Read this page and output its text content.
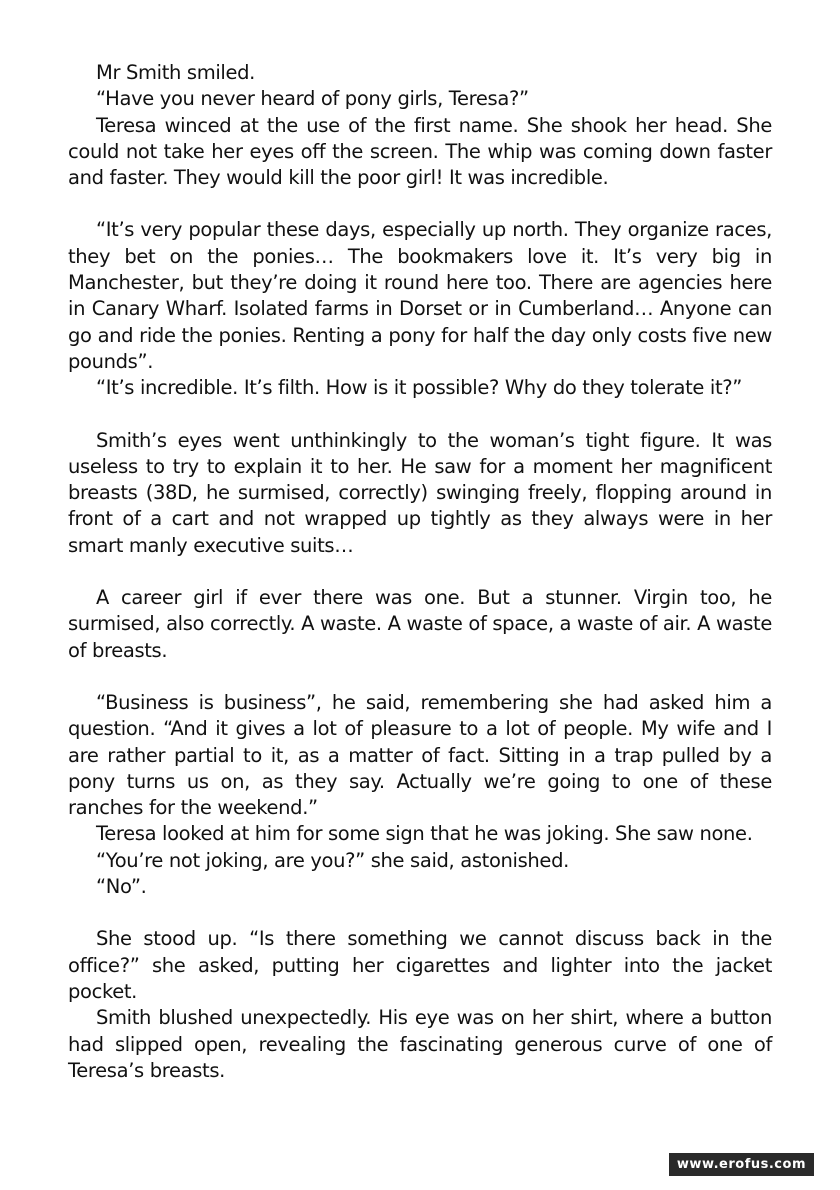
Mr Smith smiled.

“Have you never heard of pony girls, Teresa?”

Teresa winced at the use of the first name. She shook her head. She could not take her eyes off the screen. The whip was coming down faster and faster. They would kill the poor girl! It was incredible.

“It’s very popular these days, especially up north. They organize races, they bet on the ponies… The bookmakers love it. It’s very big in Manchester, but they’re doing it round here too. There are agencies here in Canary Wharf. Isolated farms in Dorset or in Cumberland… Anyone can go and ride the ponies. Renting a pony for half the day only costs five new pounds”.

“It’s incredible. It’s filth. How is it possible? Why do they tolerate it?”

Smith’s eyes went unthinkingly to the woman’s tight figure. It was useless to try to explain it to her. He saw for a moment her magnificent breasts (38D, he surmised, correctly) swinging freely, flopping around in front of a cart and not wrapped up tightly as they always were in her smart manly executive suits…

A career girl if ever there was one. But a stunner. Virgin too, he surmised, also correctly. A waste. A waste of space, a waste of air. A waste of breasts.

“Business is business”, he said, remembering she had asked him a question. “And it gives a lot of pleasure to a lot of people. My wife and I are rather partial to it, as a matter of fact. Sitting in a trap pulled by a pony turns us on, as they say. Actually we’re going to one of these ranches for the weekend.”

Teresa looked at him for some sign that he was joking. She saw none.

“You’re not joking, are you?” she said, astonished.

“No”.

She stood up. “Is there something we cannot discuss back in the office?” she asked, putting her cigarettes and lighter into the jacket pocket.

Smith blushed unexpectedly. His eye was on her shirt, where a button had slipped open, revealing the fascinating generous curve of one of Teresa’s breasts.

www.erofus.com
